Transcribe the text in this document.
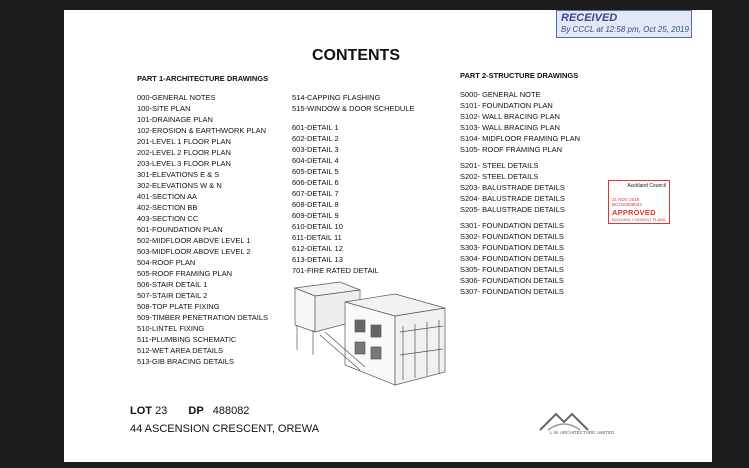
RECEIVED
By CCCL at 12:58 pm, Oct 25, 2019
CONTENTS
PART 1-ARCHITECTURE DRAWINGS	PART 2-STRUCTURE DRAWINGS
000-GENERAL NOTES
100-SITE PLAN
101-DRAINAGE PLAN
102-EROSION & EARTHWORK PLAN
201-LEVEL 1 FLOOR PLAN
202-LEVEL 2 FLOOR PLAN
203-LEVEL 3 FLOOR PLAN
301-ELEVATIONS E & S
302-ELEVATIONS W & N
401-SECTION AA
402-SECTION BB
403-SECTION CC
501-FOUNDATION PLAN
502-MIDFLOOR ABOVE LEVEL 1
503-MIDFLOOR ABOVE LEVEL 2
504-ROOF PLAN
505-ROOF FRAMING PLAN
506-STAIR DETAIL 1
507-STAIR DETAIL 2
508-TOP PLATE FIXING
509-TIMBER PENETRATION DETAILS
510-LINTEL FIXING
511-PLUMBING SCHEMATIC
512-WET AREA DETAILS
513-GIB BRACING DETAILS
514-CAPPING FLASHING
515-WINDOW & DOOR SCHEDULE
601-DETAIL 1
602-DETAIL 2
603-DETAIL 3
604-DETAIL 4
605-DETAIL 5
606-DETAIL 6
607-DETAIL 7
608-DETAIL 8
609-DETAIL 9
610-DETAIL 10
611-DETAIL 11
612-DETAIL 12
613-DETAIL 13
701-FIRE RATED DETAIL
S000- GENERAL NOTE
S101- FOUNDATION PLAN
S102- WALL BRACING PLAN
S103- WALL BRACING PLAN
S104- MIDFLOOR FRAMING PLAN
S105- ROOF FRAMING PLAN
S201- STEEL DETAILS
S202- STEEL DETAILS
S203- BALUSTRADE DETAILS
S204- BALUSTRADE DETAILS
S205- BALUSTRADE DETAILS
S301- FOUNDATION DETAILS
S302- FOUNDATION DETAILS
S303- FOUNDATION DETAILS
S304- FOUNDATION DETAILS
S305- FOUNDATION DETAILS
S306- FOUNDATION DETAILS
S307- FOUNDATION DETAILS
Auckland Council
21 NOV 2019
BCO10289034
APPROVED
BUILDING CONSENT PLANS
LOT 23 DP 488082
44 ASCENSION CRESCENT, OREWA	L.W. ARCHITECTURE LIMITED
